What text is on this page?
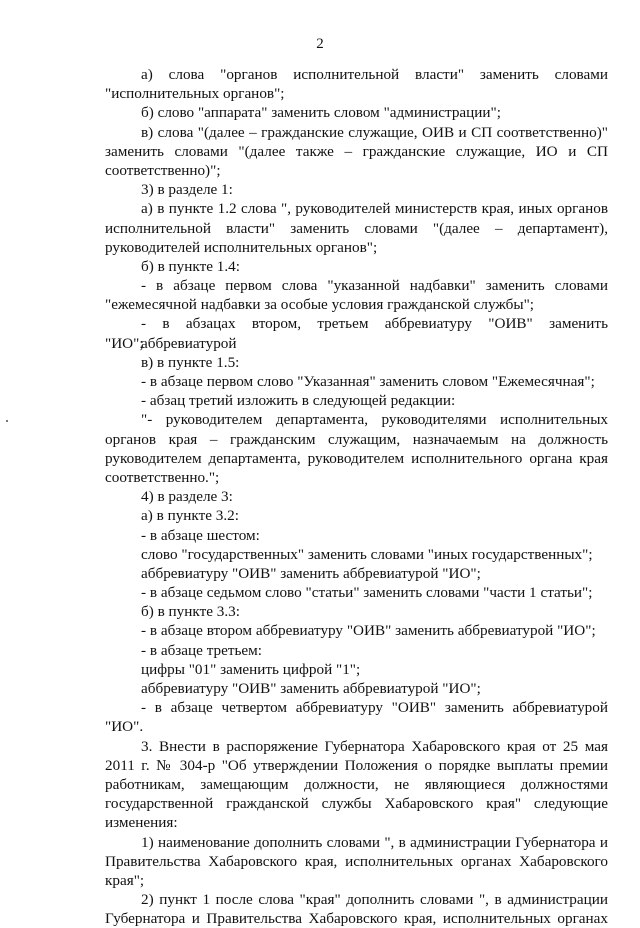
2
а) слова "органов исполнительной власти" заменить словами
"исполнительных органов";
б) слово "аппарата" заменить словом "администрации";
в) слова "(далее – гражданские служащие, ОИВ и СП соответственно)"
заменить словами "(далее также – гражданские служащие, ИО и СП
соответственно)";
3) в разделе 1:
а) в пункте 1.2 слова ", руководителей министерств края, иных органов
исполнительной власти" заменить словами "(далее – департамент),
руководителей исполнительных органов";
б) в пункте 1.4:
- в абзаце первом слова "указанной надбавки" заменить словами
"ежемесячной надбавки за особые условия гражданской службы";
- в абзацах втором, третьем аббревиатуру "ОИВ" заменить аббревиатурой
"ИО";
в) в пункте 1.5:
- в абзаце первом слово "Указанная" заменить словом "Ежемесячная";
- абзац третий изложить в следующей редакции:
"- руководителем департамента, руководителями исполнительных
органов края – гражданским служащим, назначаемым на должность
руководителем департамента, руководителем исполнительного органа края
соответственно.";
4) в разделе 3:
а) в пункте 3.2:
- в абзаце шестом:
слово "государственных" заменить словами "иных государственных";
аббревиатуру "ОИВ" заменить аббревиатурой "ИО";
- в абзаце седьмом слово "статьи" заменить словами "части 1 статьи";
б) в пункте 3.3:
- в абзаце втором аббревиатуру "ОИВ" заменить аббревиатурой "ИО";
- в абзаце третьем:
цифры "01" заменить цифрой "1";
аббревиатуру "ОИВ" заменить аббревиатурой "ИО";
- в абзаце четвертом аббревиатуру "ОИВ" заменить аббревиатурой
"ИО".
3. Внести в распоряжение Губернатора Хабаровского края от 25 мая
2011 г. № 304-р "Об утверждении Положения о порядке выплаты премии
работникам, замещающим должности, не являющиеся должностями
государственной гражданской службы Хабаровского края" следующие
изменения:
1) наименование дополнить словами ", в администрации Губернатора и
Правительства Хабаровского края, исполнительных органах Хабаровского
края";
2) пункт 1 после слова "края" дополнить словами ", в администрации
Губернатора и Правительства Хабаровского края, исполнительных органах
